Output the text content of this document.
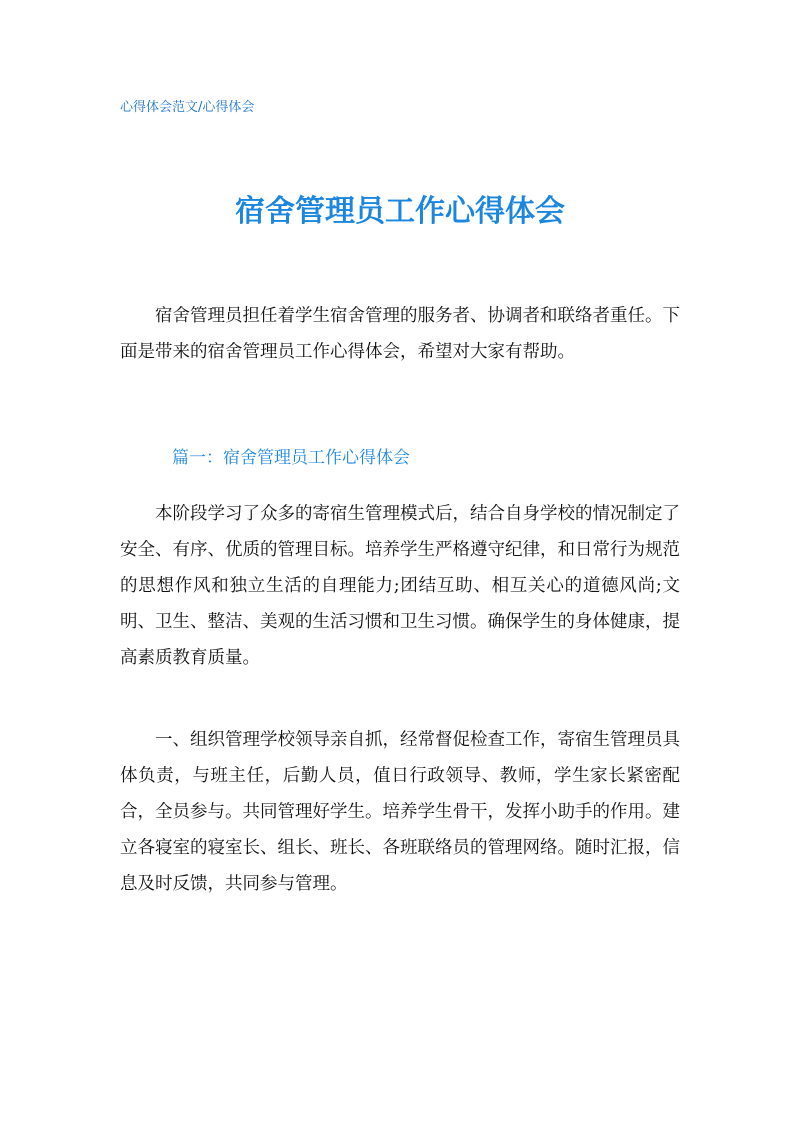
心得体会范文/心得体会
宿舍管理员工作心得体会

宿舍管理员担任着学生宿舍管理的服务者、协调者和联络者重任。下面是带来的宿舍管理员工作心得体会，希望对大家有帮助。

篇一：宿舍管理员工作心得体会

本阶段学习了众多的寄宿生管理模式后，结合自身学校的情况制定了 安全、有序、优质的管理目标。培养学生严格遵守纪律，和日常行为规范的思想作风和独立生活的自理能力;团结互助、相互关心的道德风尚;文明、卫生、整洁、美观的生活习惯和卫生习惯。确保学生的身体健康，提高素质教育质量。

一、组织管理学校领导亲自抓，经常督促检查工作，寄宿生管理员具体负责，与班主任，后勤人员，值日行政领导、教师，学生家长紧密配合，全员参与。共同管理好学生。培养学生骨干，发挥小助手的作用。建立各寝室的寝室长、组长、班长、各班联络员的管理网络。随时汇报，信息及时反馈，共同参与管理。
